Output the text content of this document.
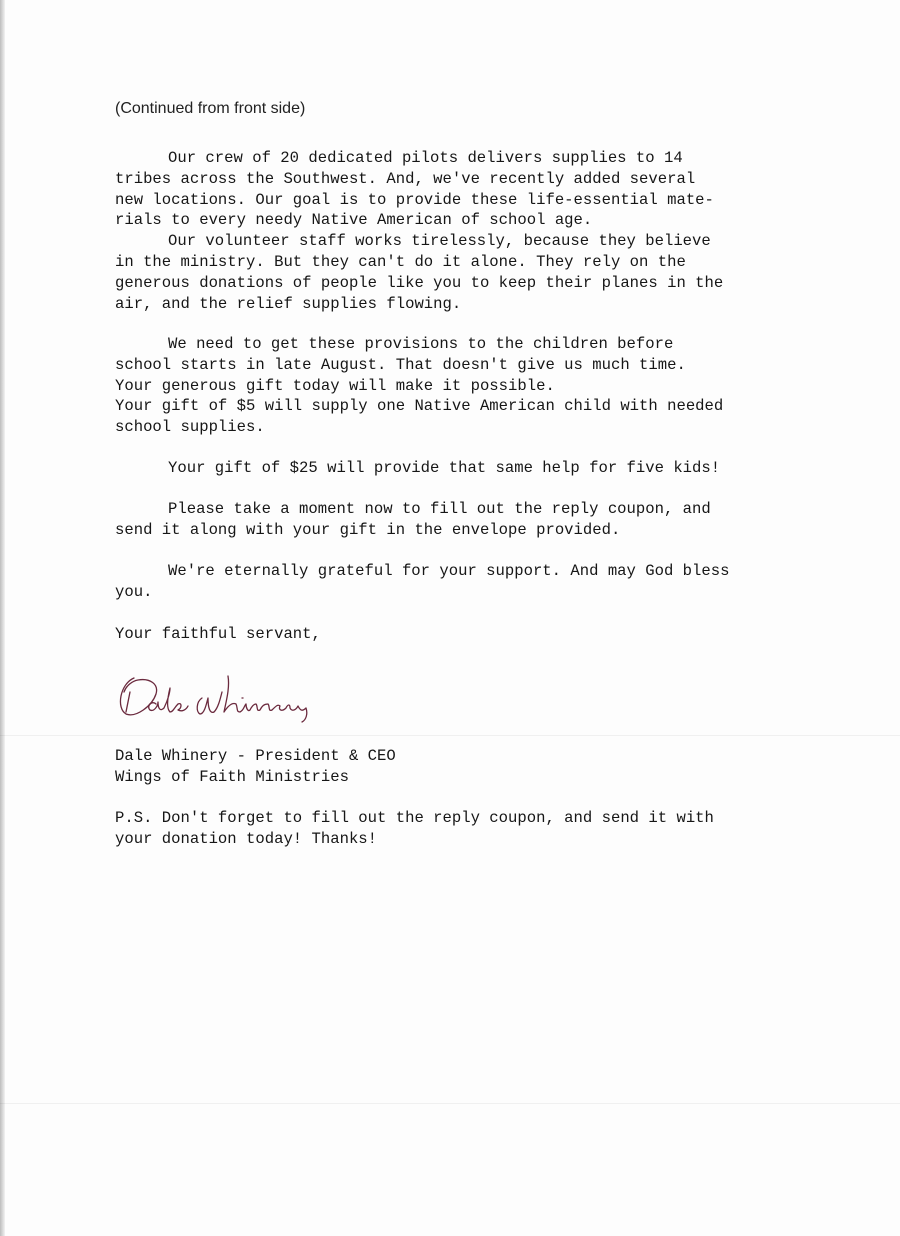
(Continued from front side)

Our crew of 20 dedicated pilots delivers supplies to 14
tribes across the Southwest. And, we've recently added several
new locations. Our goal is to provide these life-essential mate-
rials to every needy Native American of school age.

Our volunteer staff works tirelessly, because they believe
in the ministry. But they can't do it alone. They rely on the
generous donations of people like you to keep their planes in the
air, and the relief supplies flowing.

We need to get these provisions to the children before
school starts in late August. That doesn't give us much time.
Your generous gift today will make it possible.
Your gift of $5 will supply one Native American child with needed
school supplies.

Your gift of $25 will provide that same help for five kids!

Please take a moment now to fill out the reply coupon, and
send it along with your gift in the envelope provided.

We're eternally grateful for your support. And may God bless
you.

Your faithful servant,

Dale Whinery - President & CEO

Wings of Faith Ministries

P.S. Don't forget to fill out the reply coupon, and send it with
your donation today! Thanks!
